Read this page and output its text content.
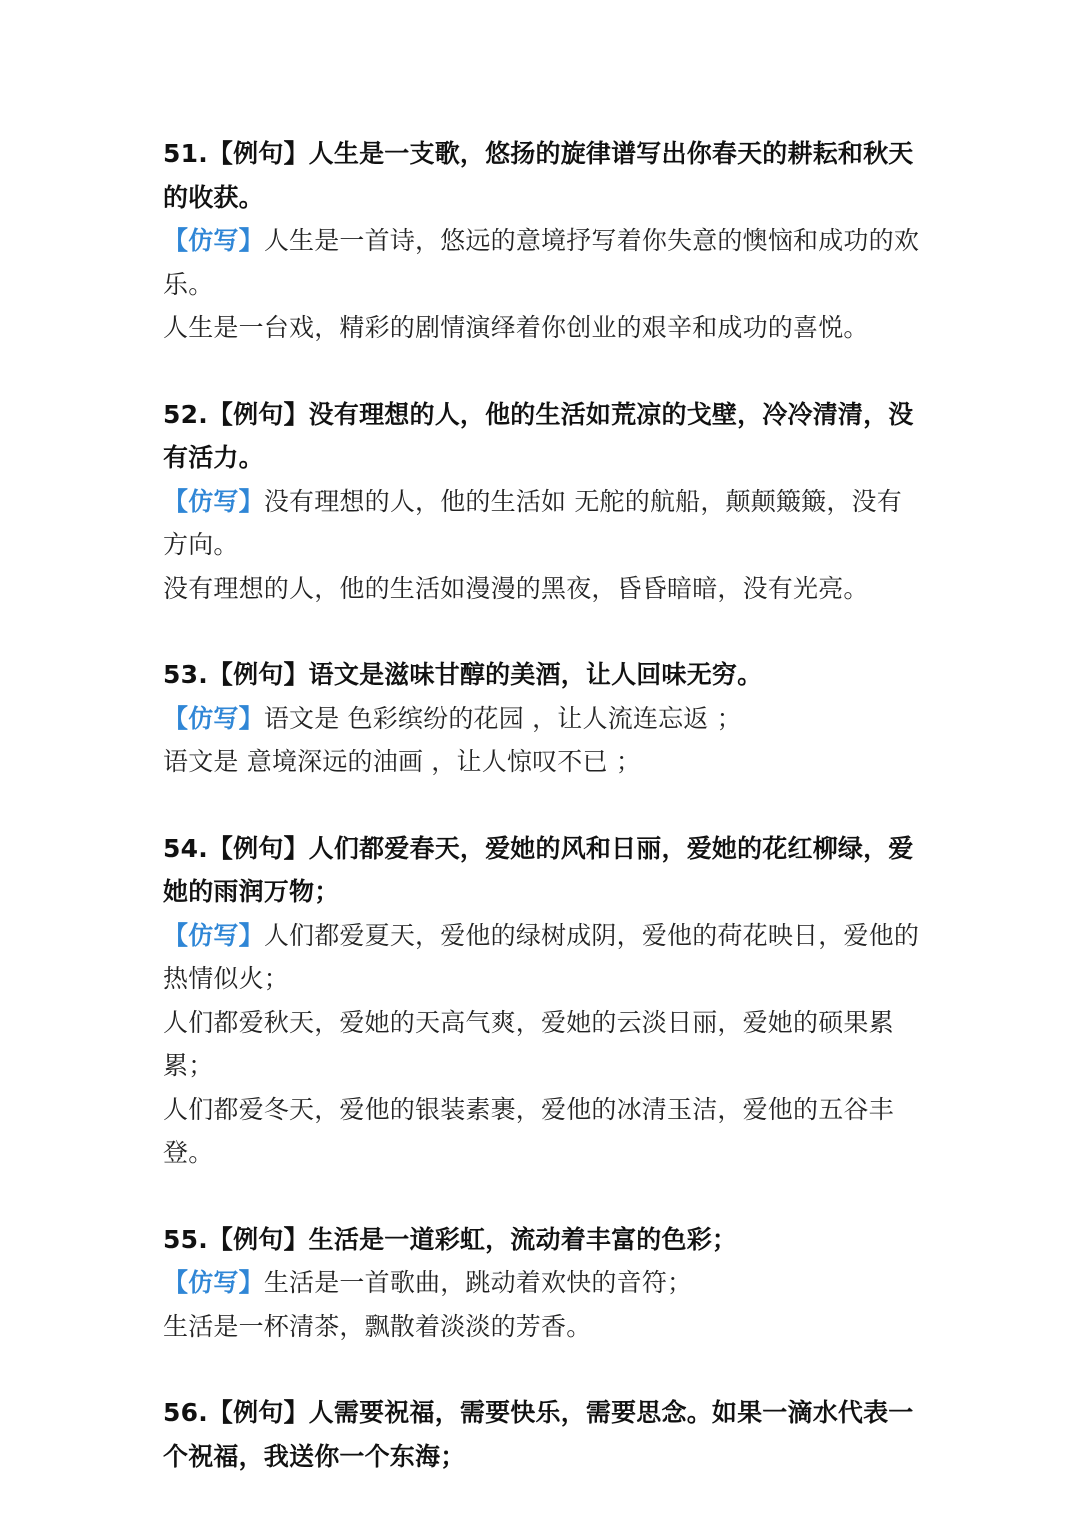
51.【例句】人生是一支歌，悠扬的旋律谱写出你春天的耕耘和秋天的收获。

【仿写】人生是一首诗，悠远的意境抒写着你失意的懊恼和成功的欢乐。

人生是一台戏，精彩的剧情演绎着你创业的艰辛和成功的喜悦。

52.【例句】没有理想的人，他的生活如荒凉的戈壁，冷冷清清，没有活力。

【仿写】没有理想的人，他的生活如 无舵的航船，颠颠簸簸，没有方向。

没有理想的人，他的生活如漫漫的黑夜，昏昏暗暗，没有光亮。

53.【例句】语文是滋味甘醇的美酒，让人回味无穷。

【仿写】语文是 色彩缤纷的花园 ，让人流连忘返 ；

语文是 意境深远的油画 ，让人惊叹不已 ；

54.【例句】人们都爱春天，爱她的风和日丽，爱她的花红柳绿，爱她的雨润万物；

【仿写】人们都爱夏天，爱他的绿树成阴，爱他的荷花映日，爱他的热情似火；

人们都爱秋天，爱她的天高气爽，爱她的云淡日丽，爱她的硕果累累；

人们都爱冬天，爱他的银装素裹，爱他的冰清玉洁，爱他的五谷丰登。

55.【例句】生活是一道彩虹，流动着丰富的色彩；

【仿写】生活是一首歌曲，跳动着欢快的音符；

生活是一杯清茶，飘散着淡淡的芳香。

56.【例句】人需要祝福，需要快乐，需要思念。如果一滴水代表一个祝福，我送你一个东海；
